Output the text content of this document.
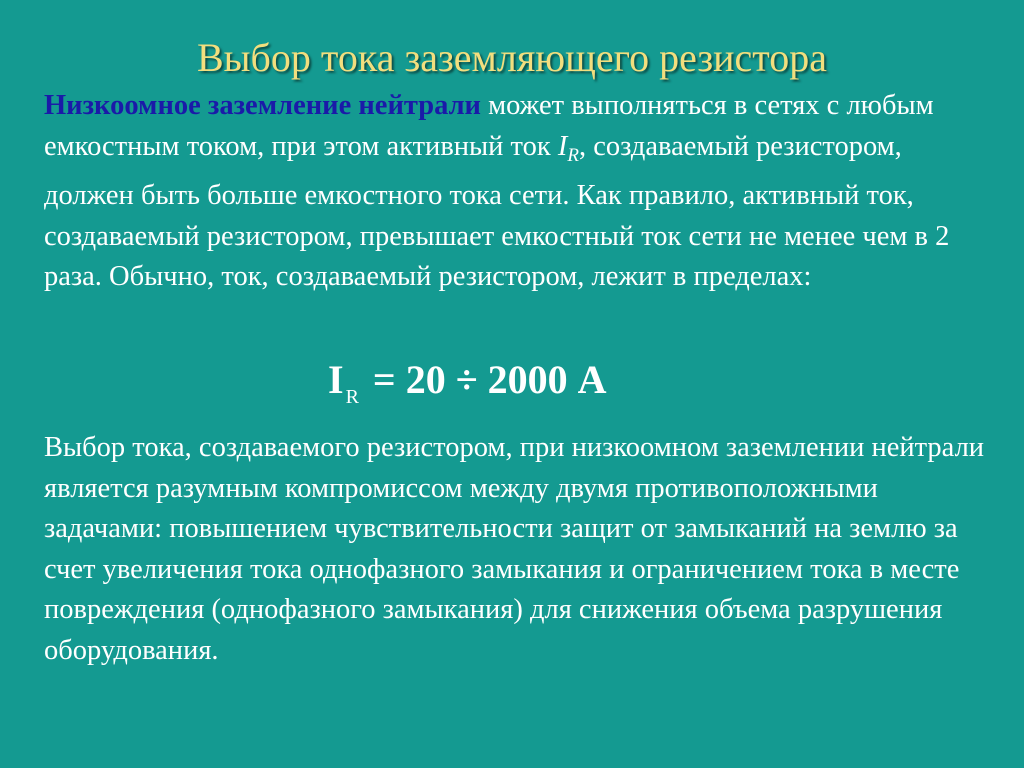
Выбор тока заземляющего резистора

Низкоомное заземление нейтрали может выполняться в сетях с любым емкостным током, при этом активный ток $I_R$, создаваемый резистором, должен быть больше емкостного тока сети. Как правило, активный ток, создаваемый резистором, превышает емкостный ток сети не менее чем в 2 раза. Обычно, ток, создаваемый резистором, лежит в пределах:

I $_R$ = 20 ÷ 2000 А

Выбор тока, создаваемого резистором, при низкоомном заземлении нейтрали является разумным компромиссом между двумя противоположными задачами: повышением чувствительности защит от замыканий на землю за счет увеличения тока однофазного замыкания и ограничением тока в месте повреждения (однофазного замыкания) для снижения объема разрушения оборудования.
